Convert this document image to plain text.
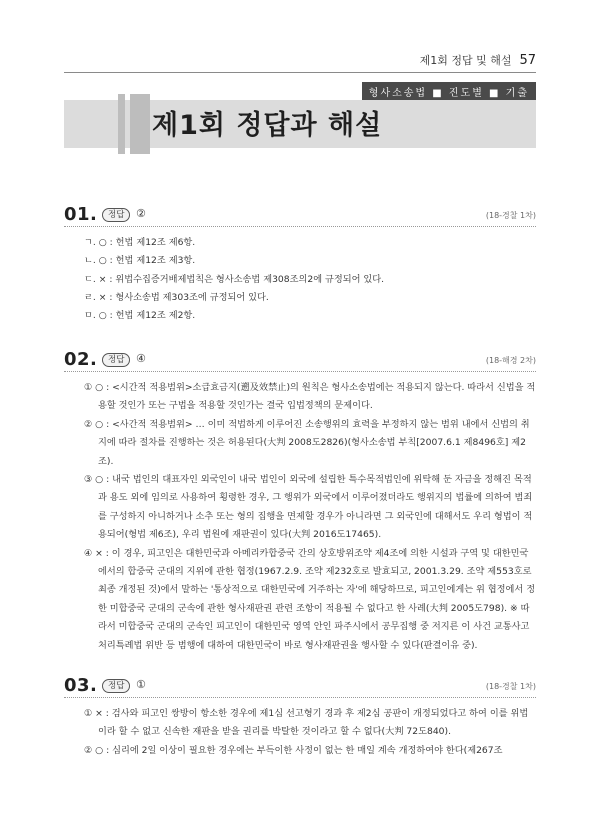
제1회 정답 및 해설 57
형사소송법 ■ 진도별 ■ 기출
제1회 정답과 해설
01.	정답	②	(18-경찰 1차)
ㄱ. ○ : 헌법 제12조 제6항.
ㄴ. ○ : 헌법 제12조 제3항.
ㄷ. × : 위법수집증거배제법칙은 형사소송법 제308조의2에 규정되어 있다.
ㄹ. × : 형사소송법 제303조에 규정되어 있다.
ㅁ. ○ : 헌법 제12조 제2항.
02.	정답	④	(18-해경 2차)
① ○ : <시간적 적용범위>소급효금지(遡及效禁止)의 원칙은 형사소송법에는 적용되지 않는다. 따라서 신법을 적용할 것인가 또는 구법을 적용할 것인가는 결국 입법정책의 문제이다.
② ○ : <사간적 적용범위> … 이미 적법하게 이루어진 소송행위의 효력을 부정하지 않는 범위 내에서 신법의 취지에 따라 절차를 진행하는 것은 허용된다(大判 2008도2826)(형사소송법 부칙[2007.6.1 제8496호] 제2조).
③ ○ : 내국 법인의 대표자인 외국인이 내국 법인이 외국에 설립한 특수목적법인에 위탁해 둔 자금을 정해진 목적과 용도 외에 임의로 사용하여 횡령한 경우, 그 행위가 외국에서 이루어졌더라도 행위지의 법률에 의하여 범죄를 구성하지 아니하거나 소추 또는 형의 집행을 면제할 경우가 아니라면 그 외국인에 대해서도 우리 형법이 적용되어(형법 제6조), 우리 법원에 재판권이 있다(大判 2016도17465).
④ × : 이 경우, 피고인은 대한민국과 아메리카합중국 간의 상호방위조약 제4조에 의한 시설과 구역 및 대한민국에서의 합중국 군대의 지위에 관한 협정(1967.2.9. 조약 제232호로 발효되고, 2001.3.29. 조약 제553호로 최종 개정된 것)에서 말하는 '통상적으로 대한민국에 거주하는 자'에 해당하므로, 피고인에게는 위 협정에서 정한 미합중국 군대의 군속에 관한 형사재판권 관련 조항이 적용될 수 없다고 한 사례(大判 2005도798). ※ 따라서 미합중국 군대의 군속인 피고인이 대한민국 영역 안인 파주시에서 공무집행 중 저지른 이 사건 교통사고처리특례법 위반 등 범행에 대하여 대한민국이 바로 형사재판권을 행사할 수 있다(판결이유 중).
03.	정답	①	(18-경찰 1차)
① × : 검사와 피고인 쌍방이 항소한 경우에 제1심 선고형기 경과 후 제2심 공판이 개정되었다고 하여 이를 위법이라 할 수 없고 신속한 재판을 받을 권리를 박탈한 것이라고 할 수 없다(大判 72도840).
② ○ : 심리에 2일 이상이 필요한 경우에는 부득이한 사정이 없는 한 매일 계속 개정하여야 한다(제267조
